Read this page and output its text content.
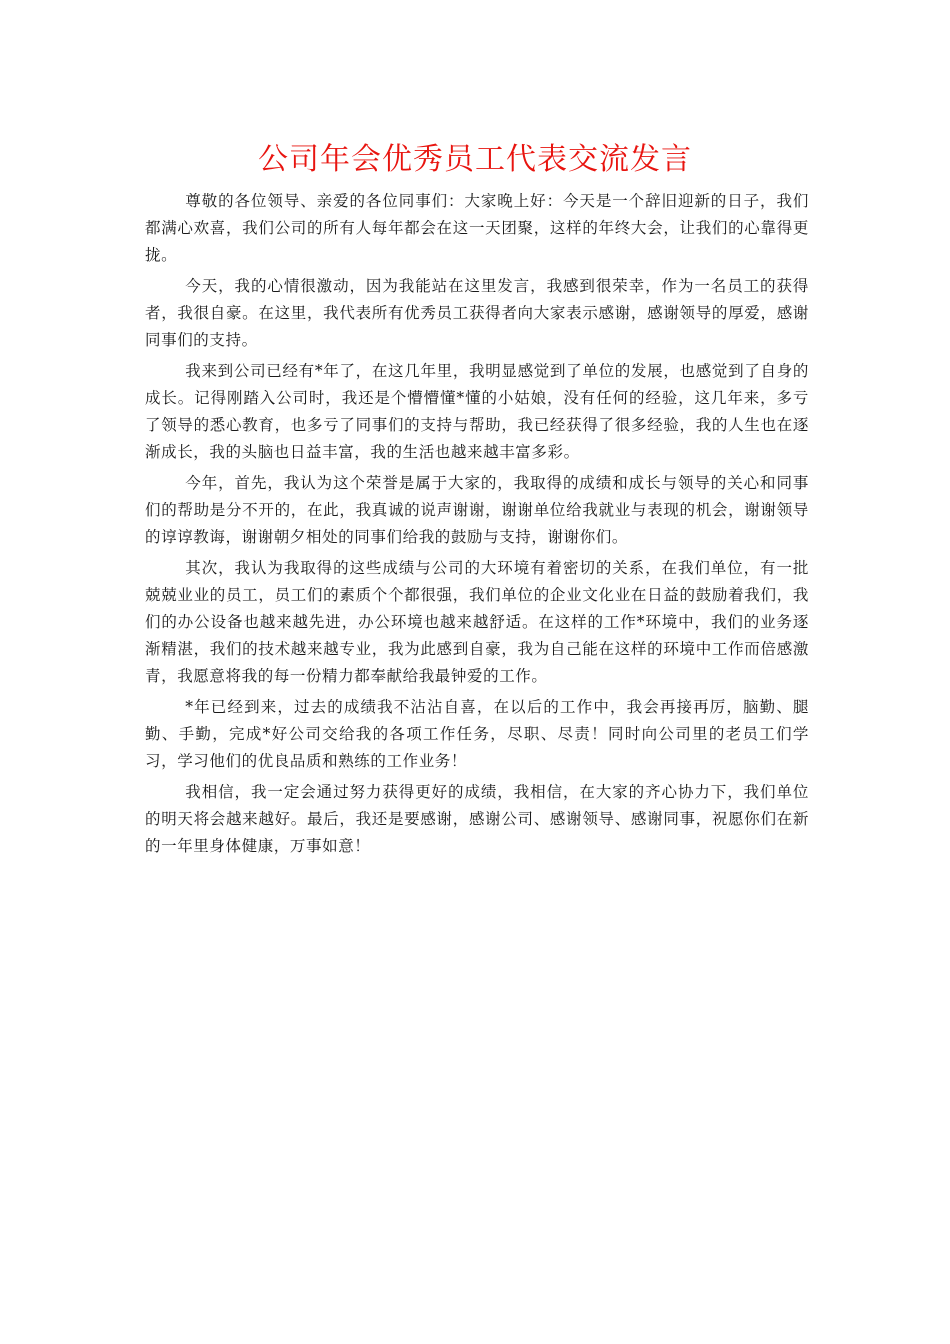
公司年会优秀员工代表交流发言

尊敬的各位领导、亲爱的各位同事们：大家晚上好：今天是一个辞旧迎新的日子，我们都满心欢喜，我们公司的所有人每年都会在这一天团聚，这样的年终大会，让我们的心靠得更拢。

今天，我的心情很激动，因为我能站在这里发言，我感到很荣幸，作为一名员工的获得者，我很自豪。在这里，我代表所有优秀员工获得者向大家表示感谢，感谢领导的厚爱，感谢同事们的支持。

我来到公司已经有*年了，在这几年里，我明显感觉到了单位的发展，也感觉到了自身的成长。记得刚踏入公司时，我还是个懵懵懂*懂的小姑娘，没有任何的经验，这几年来，多亏了领导的悉心教育，也多亏了同事们的支持与帮助，我已经获得了很多经验，我的人生也在逐渐成长，我的头脑也日益丰富，我的生活也越来越丰富多彩。

今年，首先，我认为这个荣誉是属于大家的，我取得的成绩和成长与领导的关心和同事们的帮助是分不开的，在此，我真诚的说声谢谢，谢谢单位给我就业与表现的机会，谢谢领导的谆谆教诲，谢谢朝夕相处的同事们给我的鼓励与支持，谢谢你们。

其次，我认为我取得的这些成绩与公司的大环境有着密切的关系，在我们单位，有一批兢兢业业的员工，员工们的素质个个都很强，我们单位的企业文化业在日益的鼓励着我们，我们的办公设备也越来越先进，办公环境也越来越舒适。在这样的工作*环境中，我们的业务逐渐精湛，我们的技术越来越专业，我为此感到自豪，我为自己能在这样的环境中工作而倍感激青，我愿意将我的每一份精力都奉献给我最钟爱的工作。

*年已经到来，过去的成绩我不沾沾自喜，在以后的工作中，我会再接再厉，脑勤、腿勤、手勤，完成*好公司交给我的各项工作任务，尽职、尽责！同时向公司里的老员工们学习，学习他们的优良品质和熟练的工作业务！

我相信，我一定会通过努力获得更好的成绩，我相信，在大家的齐心协力下，我们单位的明天将会越来越好。最后，我还是要感谢，感谢公司、感谢领导、感谢同事，祝愿你们在新的一年里身体健康，万事如意！
